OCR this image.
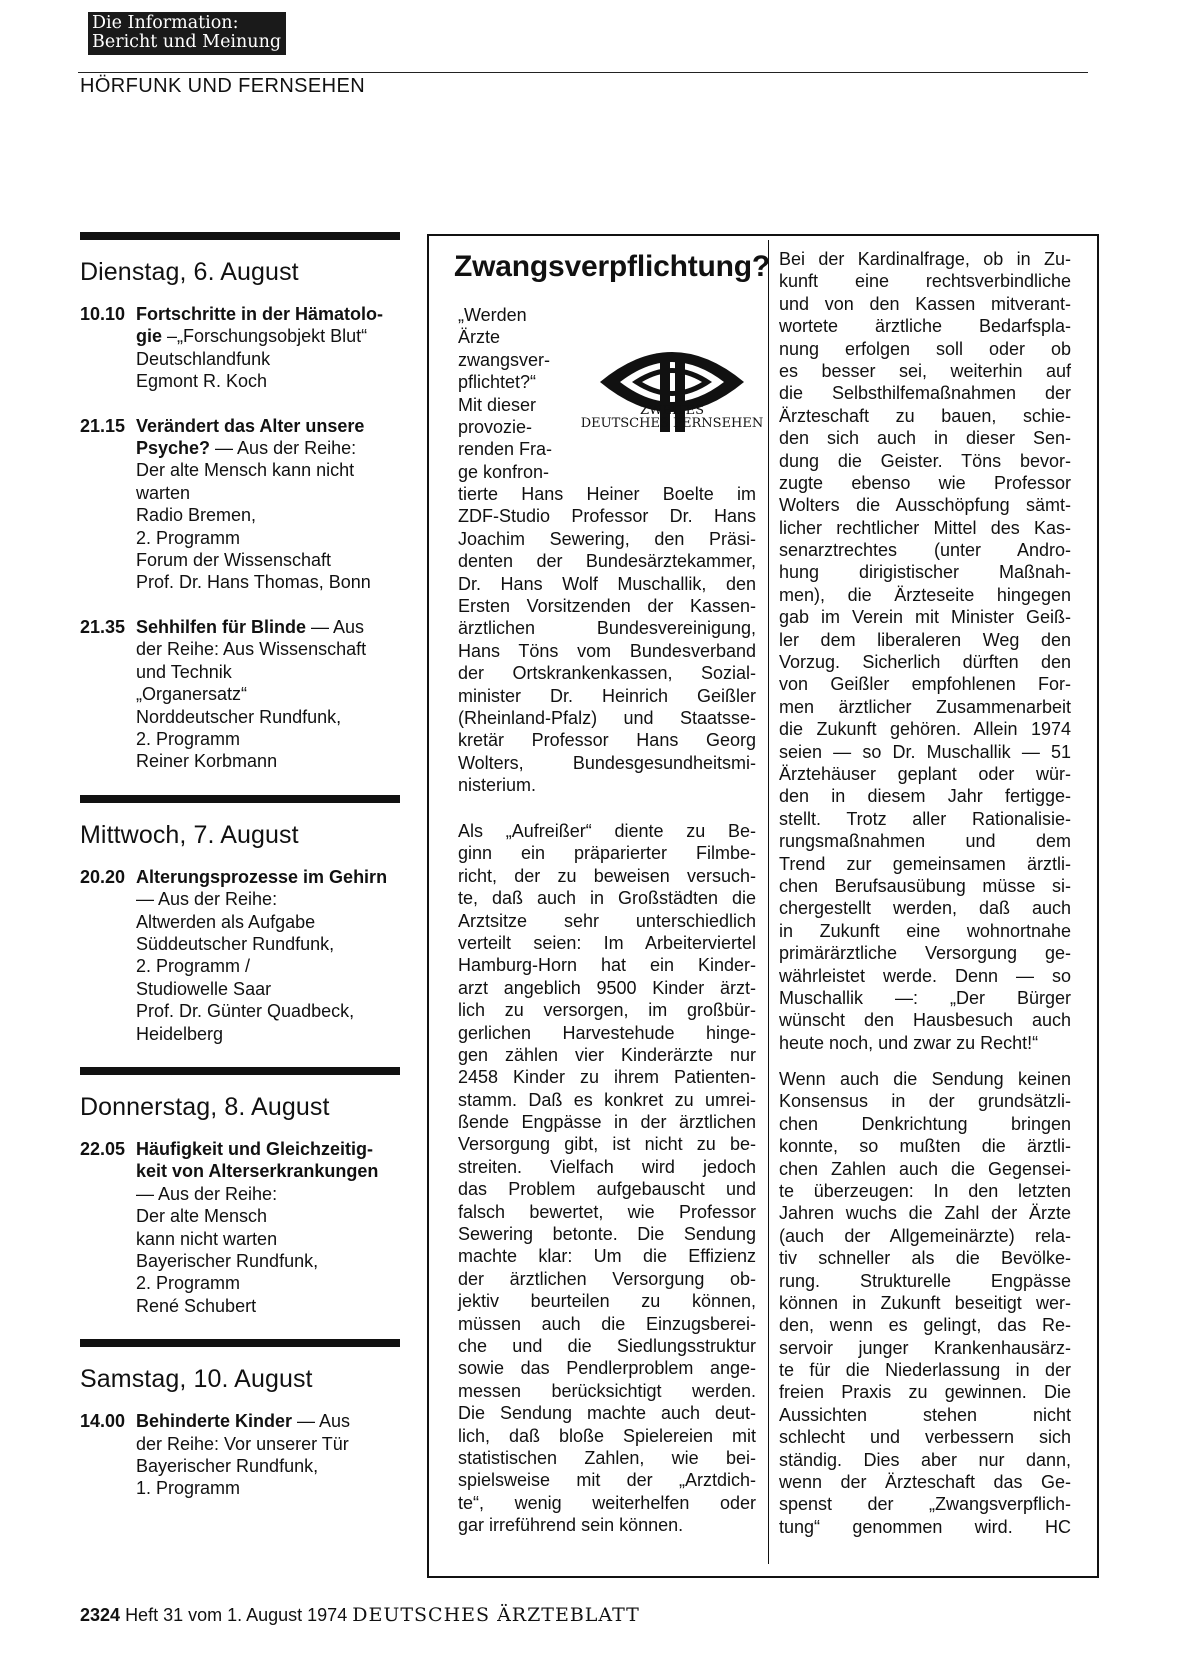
Die Information:
Bericht und Meinung
HÖRFUNK UND FERNSEHEN
Dienstag, 6. August
10.10 Fortschritte in der Hämatolo-
gie –„Forschungsobjekt Blut“
Deutschlandfunk
Egmont R. Koch
21.15 Verändert das Alter unsere
Psyche? — Aus der Reihe:
Der alte Mensch kann nicht
warten
Radio Bremen,
2. Programm
Forum der Wissenschaft
Prof. Dr. Hans Thomas, Bonn
21.35 Sehhilfen für Blinde — Aus
der Reihe: Aus Wissenschaft
und Technik
„Organersatz“
Norddeutscher Rundfunk,
2. Programm
Reiner Korbmann
Mittwoch, 7. August
20.20 Alterungsprozesse im Gehirn
— Aus der Reihe:
Altwerden als Aufgabe
Süddeutscher Rundfunk,
2. Programm /
Studiowelle Saar
Prof. Dr. Günter Quadbeck,
Heidelberg
Donnerstag, 8. August
22.05 Häufigkeit und Gleichzeitig-
keit von Alterserkrankungen
— Aus der Reihe:
Der alte Mensch
kann nicht warten
Bayerischer Rundfunk,
2. Programm
René Schubert
Samstag, 10. August
14.00 Behinderte Kinder — Aus
der Reihe: Vor unserer Tür
Bayerischer Rundfunk,
1. Programm
Zwangsverpflichtung?
ZWEITES
DEUTSCHES FERNSEHEN
„Werden
Ärzte
zwangsver-
pflichtet?“
Mit dieser
provozie-
renden Fra-
ge konfron-
tierte Hans Heiner Boelte im
ZDF-Studio Professor Dr. Hans
Joachim Sewering, den Präsi-
denten der Bundesärztekammer,
Dr. Hans Wolf Muschallik, den
Ersten Vorsitzenden der Kassen-
ärztlichen Bundesvereinigung,
Hans Töns vom Bundesverband
der Ortskrankenkassen, Sozial-
minister Dr. Heinrich Geißler
(Rheinland-Pfalz) und Staatsse-
kretär Professor Hans Georg
Wolters, Bundesgesundheitsmi-
nisterium.
Als „Aufreißer“ diente zu Be-
ginn ein präparierter Filmbe-
richt, der zu beweisen versuch-
te, daß auch in Großstädten die
Arztsitze sehr unterschiedlich
verteilt seien: Im Arbeiterviertel
Hamburg-Horn hat ein Kinder-
arzt angeblich 9500 Kinder ärzt-
lich zu versorgen, im großbür-
gerlichen Harvestehude hinge-
gen zählen vier Kinderärzte nur
2458 Kinder zu ihrem Patienten-
stamm. Daß es konkret zu umrei-
ßende Engpässe in der ärztlichen
Versorgung gibt, ist nicht zu be-
streiten. Vielfach wird jedoch
das Problem aufgebauscht und
falsch bewertet, wie Professor
Sewering betonte. Die Sendung
machte klar: Um die Effizienz
der ärztlichen Versorgung ob-
jektiv beurteilen zu können,
müssen auch die Einzugsberei-
che und die Siedlungsstruktur
sowie das Pendlerproblem ange-
messen berücksichtigt werden.
Die Sendung machte auch deut-
lich, daß bloße Spielereien mit
statistischen Zahlen, wie bei-
spielsweise mit der „Arztdich-
te“, wenig weiterhelfen oder
gar irreführend sein können.
Bei der Kardinalfrage, ob in Zu-
kunft eine rechtsverbindliche
und von den Kassen mitverant-
wortete ärztliche Bedarfspla-
nung erfolgen soll oder ob
es besser sei, weiterhin auf
die Selbsthilfemaßnahmen der
Ärzteschaft zu bauen, schie-
den sich auch in dieser Sen-
dung die Geister. Töns bevor-
zugte ebenso wie Professor
Wolters die Ausschöpfung sämt-
licher rechtlicher Mittel des Kas-
senarztrechtes (unter Andro-
hung dirigistischer Maßnah-
men), die Ärzteseite hingegen
gab im Verein mit Minister Geiß-
ler dem liberaleren Weg den
Vorzug. Sicherlich dürften den
von Geißler empfohlenen For-
men ärztlicher Zusammenarbeit
die Zukunft gehören. Allein 1974
seien — so Dr. Muschallik — 51
Ärztehäuser geplant oder wür-
den in diesem Jahr fertigge-
stellt. Trotz aller Rationalisie-
rungsmaßnahmen und dem
Trend zur gemeinsamen ärztli-
chen Berufsausübung müsse si-
chergestellt werden, daß auch
in Zukunft eine wohnortnahe
primärärztliche Versorgung ge-
währleistet werde. Denn — so
Muschallik —: „Der Bürger
wünscht den Hausbesuch auch
heute noch, und zwar zu Recht!“
Wenn auch die Sendung keinen
Konsensus in der grundsätzli-
chen Denkrichtung bringen
konnte, so mußten die ärztli-
chen Zahlen auch die Gegensei-
te überzeugen: In den letzten
Jahren wuchs die Zahl der Ärzte
(auch der Allgemeinärzte) rela-
tiv schneller als die Bevölke-
rung. Strukturelle Engpässe
können in Zukunft beseitigt wer-
den, wenn es gelingt, das Re-
servoir junger Krankenhausärz-
te für die Niederlassung in der
freien Praxis zu gewinnen. Die
Aussichten stehen nicht
schlecht und verbessern sich
ständig. Dies aber nur dann,
wenn der Ärzteschaft das Ge-
spenst der „Zwangsverpflich-
tung“ genommen wird. HC
2324 Heft 31 vom 1. August 1974 DEUTSCHES ÄRZTEBLATT
